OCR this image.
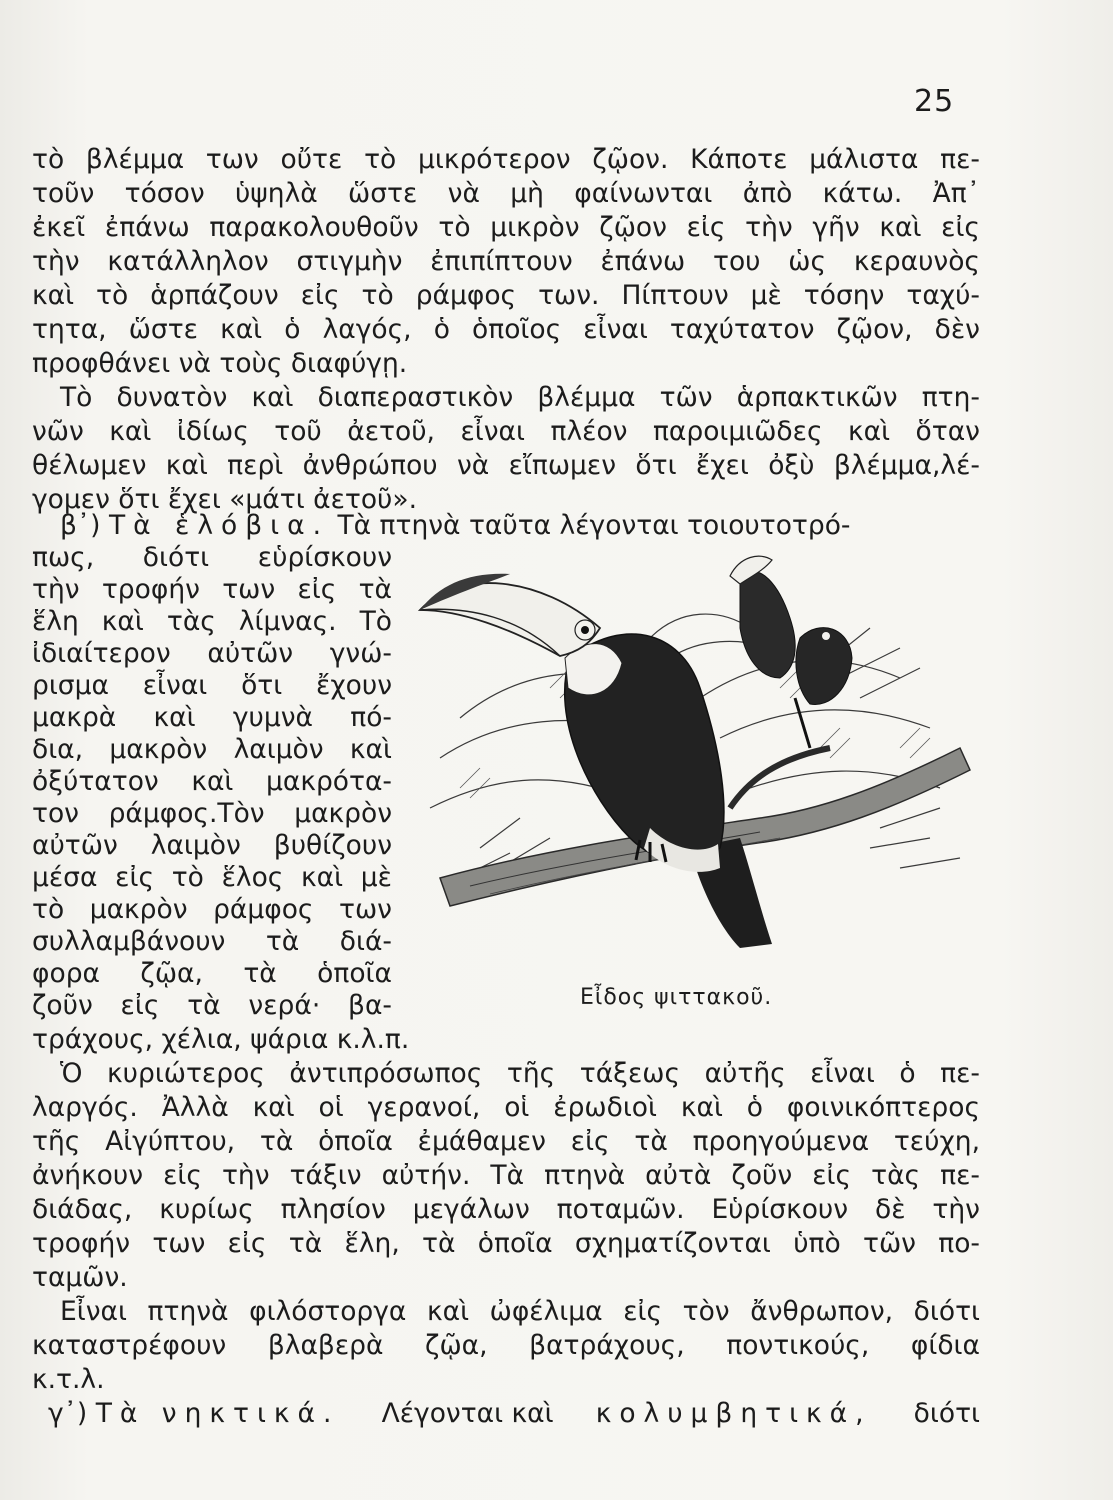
25
τὸ βλέμμα των οὔτε τὸ μικρότερον ζῷον. Κάποτε μάλιστα πε-
τοῦν τόσον ὑψηλὰ ὥστε νὰ μὴ φαίνωνται ἀπὸ κάτω. Ἀπ᾽
ἐκεῖ ἐπάνω παρακολουθοῦν τὸ μικρὸν ζῷον εἰς τὴν γῆν καὶ εἰς
τὴν κατάλληλον στιγμὴν ἐπιπίπτουν ἐπάνω του ὡς κεραυνὸς
καὶ τὸ ἁρπάζουν εἰς τὸ ράμφος των. Πίπτουν μὲ τόσην ταχύ-
τητα, ὥστε καὶ ὁ λαγός, ὁ ὁποῖος εἶναι ταχύτατον ζῷον, δὲν
προφθάνει νὰ τοὺς διαφύγῃ.
Τὸ δυνατὸν καὶ διαπεραστικὸν βλέμμα τῶν ἁρπακτικῶν πτη-
νῶν καὶ ἰδίως τοῦ ἀετοῦ, εἶναι πλέον παροιμιῶδες καὶ ὅταν
θέλωμεν καὶ περὶ ἀνθρώπου νὰ εἴπωμεν ὅτι ἔχει ὀξὺ βλέμμα,λέ-
γομεν ὅτι ἔχει «μάτι ἀετοῦ».
β᾽) Τὰ ἑλόβια. Τὰ πτηνὰ ταῦτα λέγονται τοιουτοτρό-
πως, διότι εὑρίσκουν
τὴν τροφήν των εἰς τὰ
ἕλη καὶ τὰς λίμνας. Τὸ
ἰδιαίτερον αὐτῶν γνώ-
ρισμα εἶναι ὅτι ἔχουν
μακρὰ καὶ γυμνὰ πό-
δια, μακρὸν λαιμὸν καὶ
ὀξύτατον καὶ μακρότα-
τον ράμφος.Τὸν μακρὸν
αὐτῶν λαιμὸν βυθίζουν
μέσα εἰς τὸ ἕλος καὶ μὲ
τὸ μακρὸν ράμφος των
συλλαμβάνουν τὰ διά-
φορα ζῷα, τὰ ὁποῖα
ζοῦν εἰς τὰ νερά· βα-
τράχους, χέλια, ψάρια κ.λ.π.
Εἶδος ψιττακοῦ.
Ὁ κυριώτερος ἀντιπρόσωπος τῆς τάξεως αὐτῆς εἶναι ὁ πε-
λαργός. Ἀλλὰ καὶ οἱ γερανοί, οἱ ἐρωδιοὶ καὶ ὁ φοινικόπτερος
τῆς Αἰγύπτου, τὰ ὁποῖα ἐμάθαμεν εἰς τὰ προηγούμενα τεύχη,
ἀνήκουν εἰς τὴν τάξιν αὐτήν. Τὰ πτηνὰ αὐτὰ ζοῦν εἰς τὰς πε-
διάδας, κυρίως πλησίον μεγάλων ποταμῶν. Εὑρίσκουν δὲ τὴν
τροφήν των εἰς τὰ ἕλη, τὰ ὁποῖα σχηματίζονται ὑπὸ τῶν πο-
ταμῶν.
Εἶναι πτηνὰ φιλόστοργα καὶ ὠφέλιμα εἰς τὸν ἄνθρωπον, διότι
καταστρέφουν βλαβερὰ ζῷα, βατράχους, ποντικούς, φίδια
κ.τ.λ.
γ᾽) Τὰ νηκτικά. Λέγονται καὶ κολυμβητικά, διότι
